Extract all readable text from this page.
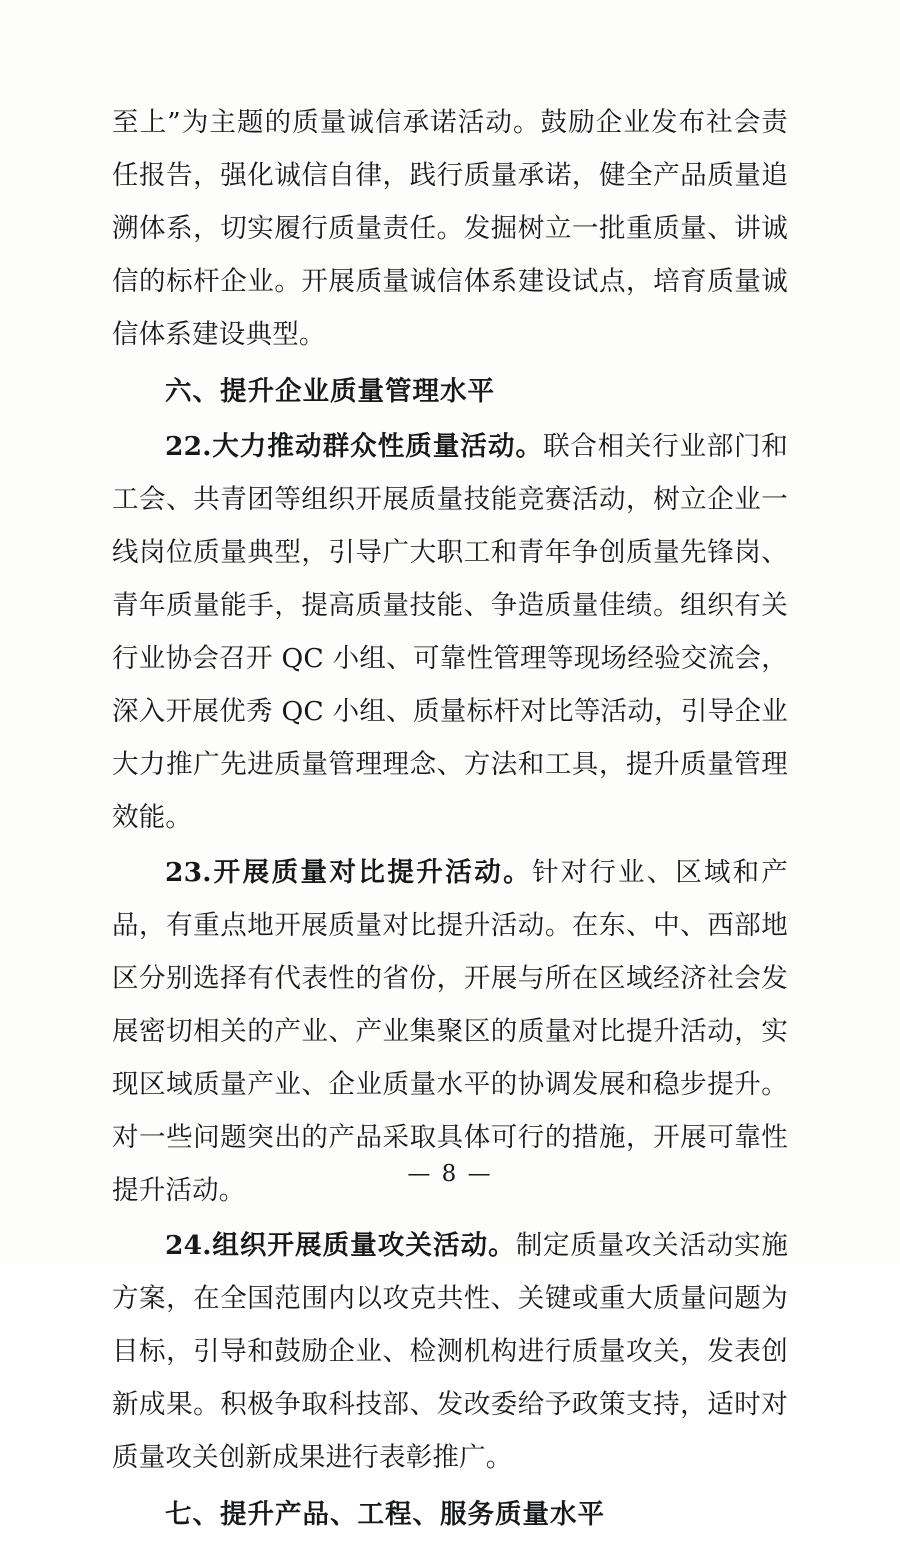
至上”为主题的质量诚信承诺活动。鼓励企业发布社会责任报告，强化诚信自律，践行质量承诺，健全产品质量追溯体系，切实履行质量责任。发掘树立一批重质量、讲诚信的标杆企业。开展质量诚信体系建设试点，培育质量诚信体系建设典型。

六、提升企业质量管理水平

22.大力推动群众性质量活动。联合相关行业部门和工会、共青团等组织开展质量技能竞赛活动，树立企业一线岗位质量典型，引导广大职工和青年争创质量先锋岗、青年质量能手，提高质量技能、争造质量佳绩。组织有关行业协会召开 QC 小组、可靠性管理等现场经验交流会，深入开展优秀 QC 小组、质量标杆对比等活动，引导企业大力推广先进质量管理理念、方法和工具，提升质量管理效能。

23.开展质量对比提升活动。针对行业、区域和产品，有重点地开展质量对比提升活动。在东、中、西部地区分别选择有代表性的省份，开展与所在区域经济社会发展密切相关的产业、产业集聚区的质量对比提升活动，实现区域质量产业、企业质量水平的协调发展和稳步提升。对一些问题突出的产品采取具体可行的措施，开展可靠性提升活动。

24.组织开展质量攻关活动。制定质量攻关活动实施方案，在全国范围内以攻克共性、关键或重大质量问题为目标，引导和鼓励企业、检测机构进行质量攻关，发表创新成果。积极争取科技部、发改委给予政策支持，适时对质量攻关创新成果进行表彰推广。

七、提升产品、工程、服务质量水平

— 8 —
